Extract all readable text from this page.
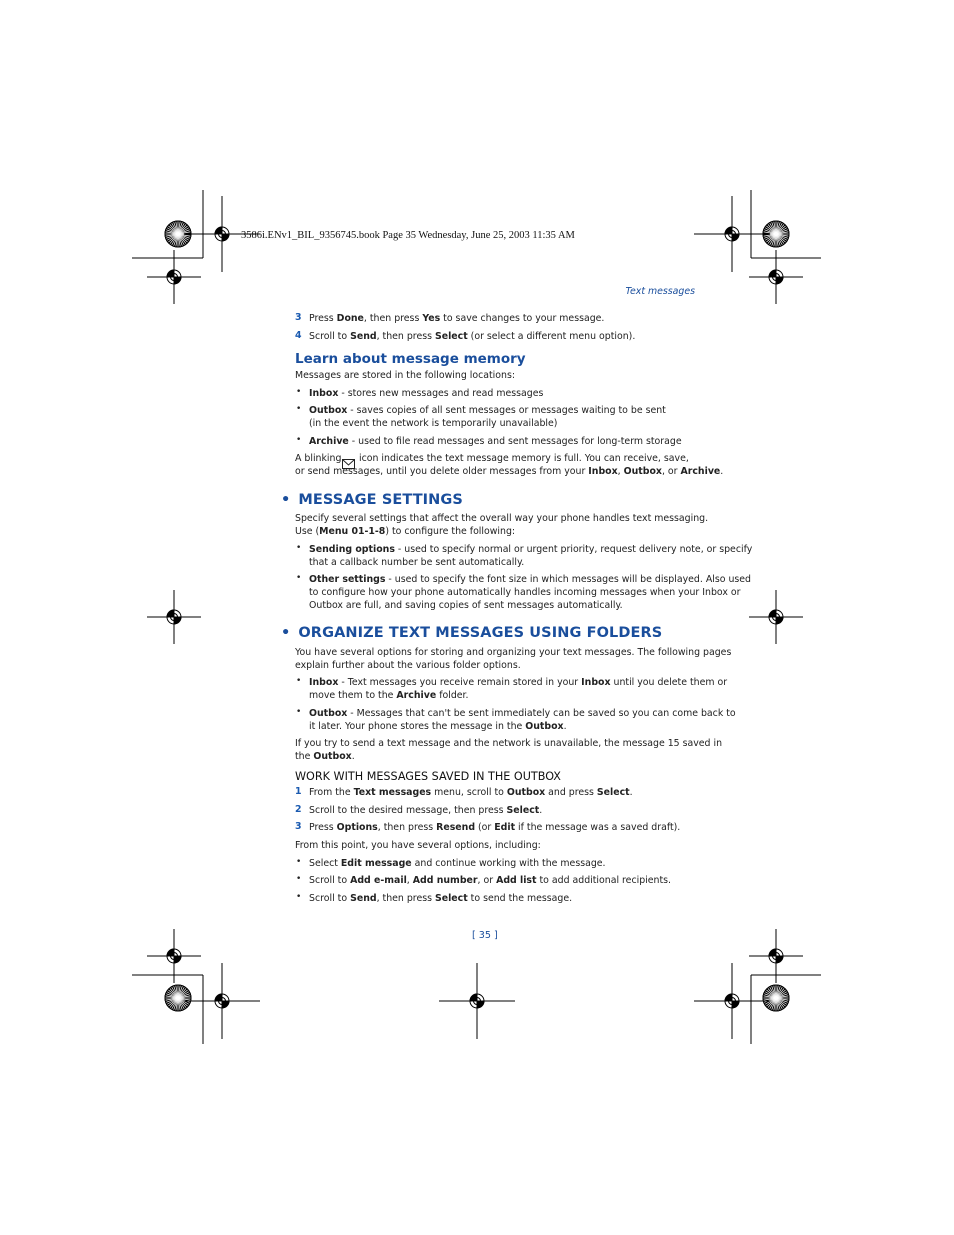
3586i.ENv1_BIL_9356745.book Page 35 Wednesday, June 25, 2003 11:35 AM
Text messages
3 Press Done, then press Yes to save changes to your message.
4 Scroll to Send, then press Select (or select a different menu option).
Learn about message memory
Messages are stored in the following locations:
• Inbox - stores new messages and read messages
• Outbox - saves copies of all sent messages or messages waiting to be sent
(in the event the network is temporarily unavailable)
• Archive - used to file read messages and sent messages for long-term storage
A blinking icon indicates the text message memory is full. You can receive, save,
or send messages, until you delete older messages from your Inbox, Outbox, or Archive.
• MESSAGE SETTINGS
Specify several settings that affect the overall way your phone handles text messaging.
Use (Menu 01-1-8) to configure the following:
• Sending options - used to specify normal or urgent priority, request delivery note, or specify
that a callback number be sent automatically.
• Other settings - used to specify the font size in which messages will be displayed. Also used
to configure how your phone automatically handles incoming messages when your Inbox or
Outbox are full, and saving copies of sent messages automatically.
• ORGANIZE TEXT MESSAGES USING FOLDERS
You have several options for storing and organizing your text messages. The following pages
explain further about the various folder options.
• Inbox - Text messages you receive remain stored in your Inbox until you delete them or
move them to the Archive folder.
• Outbox - Messages that can't be sent immediately can be saved so you can come back to
it later. Your phone stores the message in the Outbox.
If you try to send a text message and the network is unavailable, the message 15 saved in
the Outbox.
WORK WITH MESSAGES SAVED IN THE OUTBOX
1 From the Text messages menu, scroll to Outbox and press Select.
2 Scroll to the desired message, then press Select.
3 Press Options, then press Resend (or Edit if the message was a saved draft).
From this point, you have several options, including:
• Select Edit message and continue working with the message.
• Scroll to Add e-mail, Add number, or Add list to add additional recipients.
• Scroll to Send, then press Select to send the message.
[ 35 ]
